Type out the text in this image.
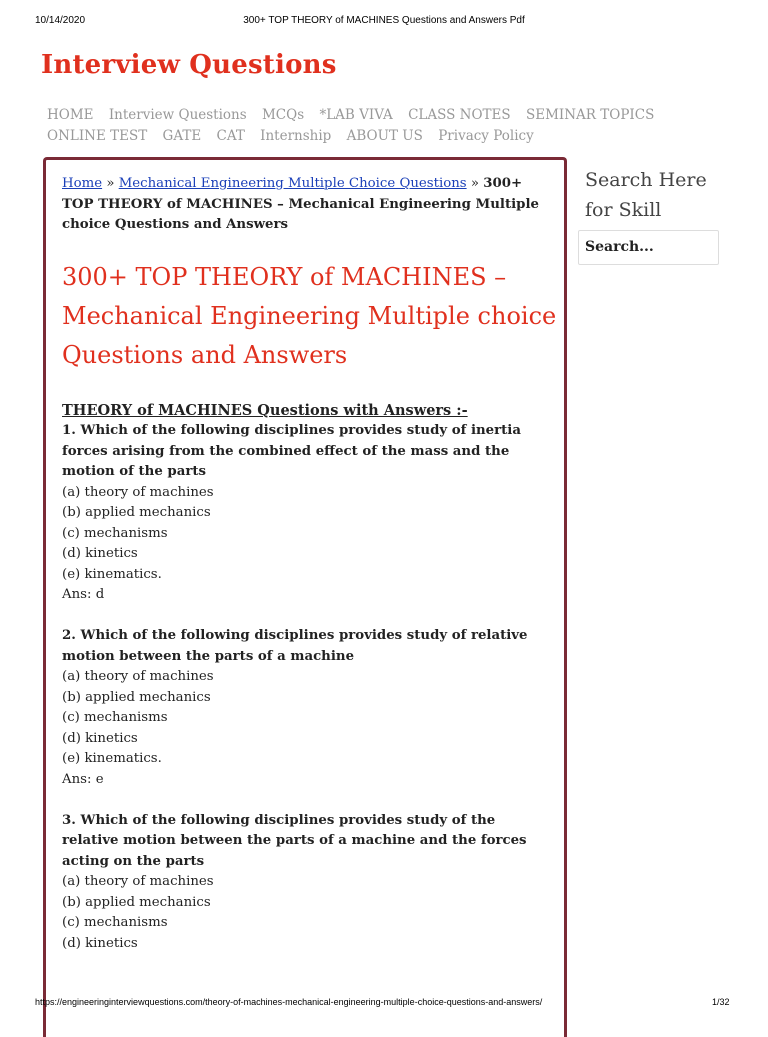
10/14/2020	300+ TOP THEORY of MACHINES Questions and Answers Pdf
Interview Questions
HOME Interview Questions MCQs *LAB VIVA CLASS NOTES SEMINAR TOPICS
ONLINE TEST GATE CAT Internship ABOUT US Privacy Policy
Home » Mechanical Engineering Multiple Choice Questions » 300+ TOP THEORY of MACHINES – Mechanical Engineering Multiple choice Questions and Answers
300+ TOP THEORY of MACHINES – Mechanical Engineering Multiple choice Questions and Answers
THEORY of MACHINES Questions with Answers :-
1. Which of the following disciplines provides study of inertia forces arising from the combined effect of the mass and the motion of the parts
(a) theory of machines
(b) applied mechanics
(c) mechanisms
(d) kinetics
(e) kinematics.
Ans: d
2. Which of the following disciplines provides study of relative motion between the parts of a machine
(a) theory of machines
(b) applied mechanics
(c) mechanisms
(d) kinetics
(e) kinematics.
Ans: e
3. Which of the following disciplines provides study of the relative motion between the parts of a machine and the forces acting on the parts
(a) theory of machines
(b) applied mechanics
(c) mechanisms
(d) kinetics
Search Here for Skill
Search...
https://engineeringinterviewquestions.com/theory-of-machines-mechanical-engineering-multiple-choice-questions-and-answers/	1/32
